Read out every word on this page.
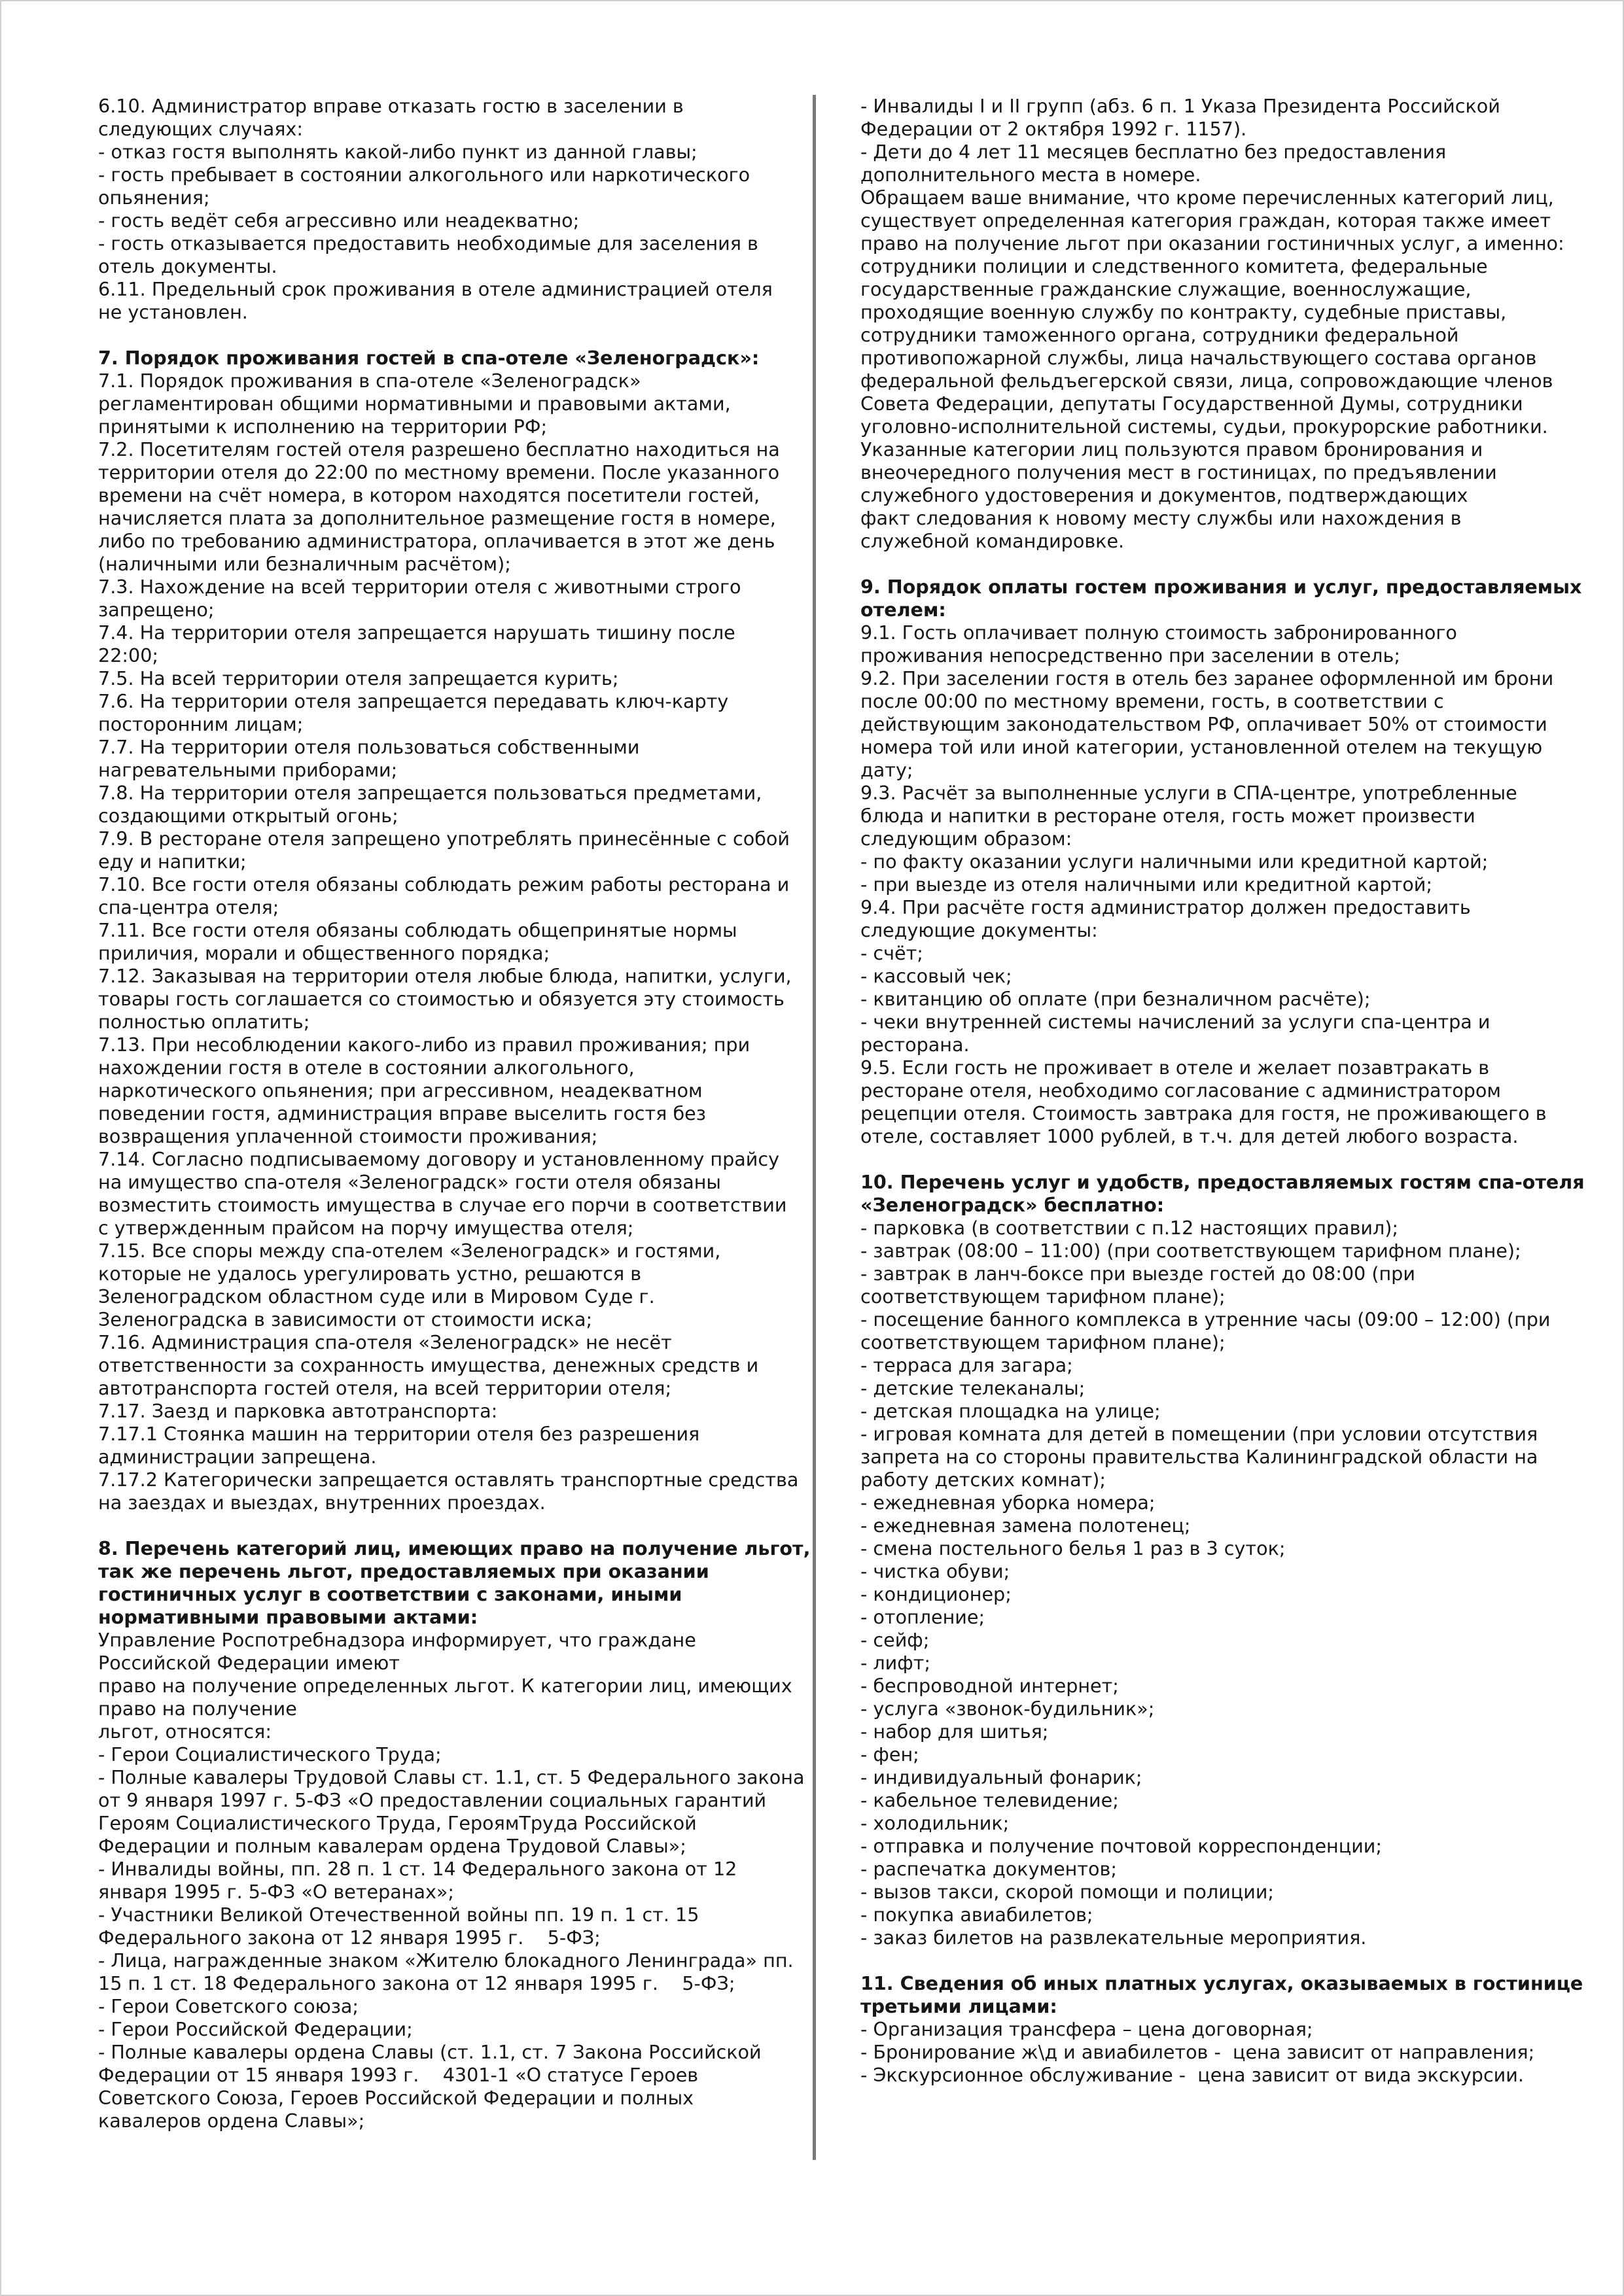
6.10. Администратор вправе отказать гостю в заселении в
следующих случаях:
- отказ гостя выполнять какой-либо пункт из данной главы;
- гость пребывает в состоянии алкогольного или наркотического
опьянения;
- гость ведёт себя агрессивно или неадекватно;
- гость отказывается предоставить необходимые для заселения в
отель документы.
6.11. Предельный срок проживания в отеле администрацией отеля
не установлен.

7. Порядок проживания гостей в спа-отеле «Зеленоградск»:

7.1. Порядок проживания в спа-отеле «Зеленоградск»
регламентирован общими нормативными и правовыми актами,
принятыми к исполнению на территории РФ;
7.2. Посетителям гостей отеля разрешено бесплатно находиться на
территории отеля до 22:00 по местному времени. После указанного
времени на счёт номера, в котором находятся посетители гостей,
начисляется плата за дополнительное размещение гостя в номере,
либо по требованию администратора, оплачивается в этот же день
(наличными или безналичным расчётом);
7.3. Нахождение на всей территории отеля с животными строго
запрещено;
7.4. На территории отеля запрещается нарушать тишину после
22:00;
7.5. На всей территории отеля запрещается курить;
7.6. На территории отеля запрещается передавать ключ-карту
посторонним лицам;
7.7. На территории отеля пользоваться собственными
нагревательными приборами;
7.8. На территории отеля запрещается пользоваться предметами,
создающими открытый огонь;
7.9. В ресторане отеля запрещено употреблять принесённые с собой
еду и напитки;
7.10. Все гости отеля обязаны соблюдать режим работы ресторана и
спа-центра отеля;
7.11. Все гости отеля обязаны соблюдать общепринятые нормы
приличия, морали и общественного порядка;
7.12. Заказывая на территории отеля любые блюда, напитки, услуги,
товары гость соглашается со стоимостью и обязуется эту стоимость
полностью оплатить;
7.13. При несоблюдении какого-либо из правил проживания; при
нахождении гостя в отеле в состоянии алкогольного,
наркотического опьянения; при агрессивном, неадекватном
поведении гостя, администрация вправе выселить гостя без
возвращения уплаченной стоимости проживания;
7.14. Согласно подписываемому договору и установленному прайсу
на имущество спа-отеля «Зеленоградск» гости отеля обязаны
возместить стоимость имущества в случае его порчи в соответствии
с утвержденным прайсом на порчу имущества отеля;
7.15. Все споры между спа-отелем «Зеленоградск» и гостями,
которые не удалось урегулировать устно, решаются в
Зеленоградском областном суде или в Мировом Суде г.
Зеленоградска в зависимости от стоимости иска;
7.16. Администрация спа-отеля «Зеленоградск» не несёт
ответственности за сохранность имущества, денежных средств и
автотранспорта гостей отеля, на всей территории отеля;
7.17. Заезд и парковка автотранспорта:
7.17.1 Стоянка машин на территории отеля без разрешения
администрации запрещена.
7.17.2 Категорически запрещается оставлять транспортные средства
на заездах и выездах, внутренних проездах.

8. Перечень категорий лиц, имеющих право на получение льгот,
так же перечень льгот, предоставляемых при оказании
гостиничных услуг в соответствии с законами, иными
нормативными правовыми актами:

Управление Роспотребнадзора информирует, что граждане
Российской Федерации имеют
право на получение определенных льгот. К категории лиц, имеющих
право на получение
льгот, относятся:
- Герои Социалистического Труда;
- Полные кавалеры Трудовой Славы ст. 1.1, ст. 5 Федерального закона
от 9 января 1997 г. 5-ФЗ «О предоставлении социальных гарантий
Героям Социалистического Труда, ГероямТруда Российской
Федерации и полным кавалерам ордена Трудовой Славы»;
- Инвалиды войны, пп. 28 п. 1 ст. 14 Федерального закона от 12
января 1995 г. 5-ФЗ «О ветеранах»;
- Участники Великой Отечественной войны пп. 19 п. 1 ст. 15
Федерального закона от 12 января 1995 г.    5-ФЗ;
- Лица, награжденные знаком «Жителю блокадного Ленинграда» пп.
15 п. 1 ст. 18 Федерального закона от 12 января 1995 г.    5-ФЗ;
- Герои Советского союза;
- Герои Российской Федерации;
- Полные кавалеры ордена Славы (ст. 1.1, ст. 7 Закона Российской
Федерации от 15 января 1993 г.    4301-1 «О статусе Героев
Советского Союза, Героев Российской Федерации и полных
кавалеров ордена Славы»;

- Инвалиды I и II групп (абз. 6 п. 1 Указа Президента Российской
Федерации от 2 октября 1992 г. 1157).
- Дети до 4 лет 11 месяцев бесплатно без предоставления
дополнительного места в номере.
Обращаем ваше внимание, что кроме перечисленных категорий лиц,
существует определенная категория граждан, которая также имеет
право на получение льгот при оказании гостиничных услуг, а именно:
сотрудники полиции и следственного комитета, федеральные
государственные гражданские служащие, военнослужащие,
проходящие военную службу по контракту, судебные приставы,
сотрудники таможенного органа, сотрудники федеральной
противопожарной службы, лица начальствующего состава органов
федеральной фельдъегерской связи, лица, сопровождающие членов
Совета Федерации, депутаты Государственной Думы, сотрудники
уголовно-исполнительной системы, судьи, прокурорские работники.
Указанные категории лиц пользуются правом бронирования и
внеочередного получения мест в гостиницах, по предъявлении
служебного удостоверения и документов, подтверждающих
факт следования к новому месту службы или нахождения в
служебной командировке.

9. Порядок оплаты гостем проживания и услуг, предоставляемых
отелем:

9.1. Гость оплачивает полную стоимость забронированного
проживания непосредственно при заселении в отель;
9.2. При заселении гостя в отель без заранее оформленной им брони
после 00:00 по местному времени, гость, в соответствии с
действующим законодательством РФ, оплачивает 50% от стоимости
номера той или иной категории, установленной отелем на текущую
дату;
9.3. Расчёт за выполненные услуги в СПА-центре, употребленные
блюда и напитки в ресторане отеля, гость может произвести
следующим образом:
- по факту оказании услуги наличными или кредитной картой;
- при выезде из отеля наличными или кредитной картой;
9.4. При расчёте гостя администратор должен предоставить
следующие документы:
- счёт;
- кассовый чек;
- квитанцию об оплате (при безналичном расчёте);
- чеки внутренней системы начислений за услуги спа-центра и
ресторана.
9.5. Если гость не проживает в отеле и желает позавтракать в
ресторане отеля, необходимо согласование с администратором
рецепции отеля. Стоимость завтрака для гостя, не проживающего в
отеле, составляет 1000 рублей, в т.ч. для детей любого возраста.

10. Перечень услуг и удобств, предоставляемых гостям спа-отеля
«Зеленоградск» бесплатно:

- парковка (в соответствии с п.12 настоящих правил);
- завтрак (08:00 – 11:00) (при соответствующем тарифном плане);
- завтрак в ланч-боксе при выезде гостей до 08:00 (при
соответствующем тарифном плане);
- посещение банного комплекса в утренние часы (09:00 – 12:00) (при
соответствующем тарифном плане);
- терраса для загара;
- детские телеканалы;
- детская площадка на улице;
- игровая комната для детей в помещении (при условии отсутствия
запрета на со стороны правительства Калининградской области на
работу детских комнат);
- ежедневная уборка номера;
- ежедневная замена полотенец;
- смена постельного белья 1 раз в 3 суток;
- чистка обуви;
- кондиционер;
- отопление;
- сейф;
- лифт;
- беспроводной интернет;
- услуга «звонок-будильник»;
- набор для шитья;
- фен;
- индивидуальный фонарик;
- кабельное телевидение;
- холодильник;
- отправка и получение почтовой корреспонденции;
- распечатка документов;
- вызов такси, скорой помощи и полиции;
- покупка авиабилетов;
- заказ билетов на развлекательные мероприятия.

11. Сведения об иных платных услугах, оказываемых в гостинице
третьими лицами:

- Организация трансфера – цена договорная;
- Бронирование ж\д и авиабилетов -  цена зависит от направления;
- Экскурсионное обслуживание -  цена зависит от вида экскурсии.
